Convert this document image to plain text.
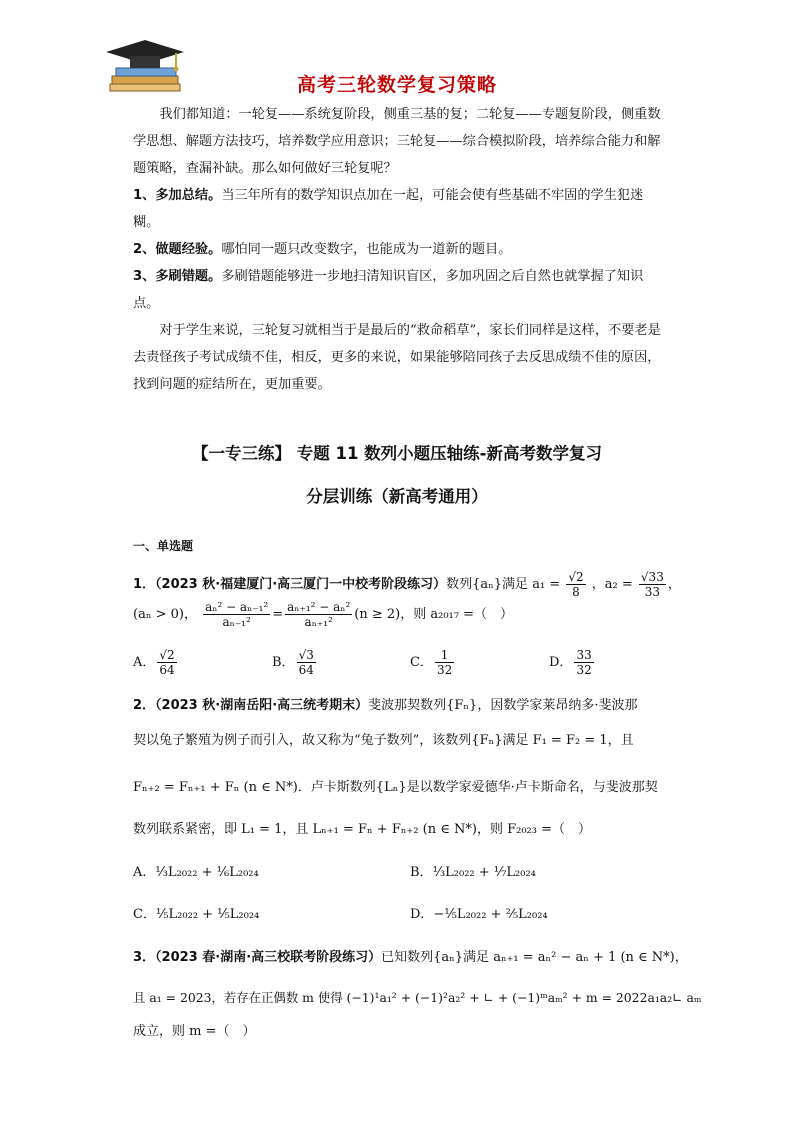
高考三轮数学复习策略

我们都知道：一轮复——系统复阶段，侧重三基的复；二轮复——专题复阶段，侧重数学思想、解题方法技巧，培养数学应用意识；三轮复——综合模拟阶段，培养综合能力和解题策略，查漏补缺。那么如何做好三轮复呢？

1、多加总结。当三年所有的数学知识点加在一起，可能会使有些基础不牢固的学生犯迷糊。

2、做题经验。哪怕同一题只改变数字，也能成为一道新的题目。

3、多刷错题。多刷错题能够进一步地扫清知识盲区，多加巩固之后自然也就掌握了知识点。

对于学生来说，三轮复习就相当于是最后的“救命稻草”，家长们同样是这样，不要老是去责怪孩子考试成绩不佳，相反，更多的来说，如果能够陪同孩子去反思成绩不佳的原因，找到问题的症结所在，更加重要。

【一专三练】 专题 11 数列小题压轴练-新高考数学复习
分层训练（新高考通用）
一、单选题
1．（2023 秋·福建厦门·高三厦门一中校考阶段练习）数列{aₙ}满足 $a_1 = \frac{√2}{8}$ ，$a_2 = \frac{√33}{33}$ ，
(aₙ > 0)， $\frac{\text{aₙ² − aₙ₋₁²}}{\text{aₙ₋₁²}} = \frac{\text{aₙ₊₁² − aₙ²}}{\text{aₙ₊₁²}} (n \ge 2)$，则 a₂₀₁₇ =（　）
A． $\frac{√2}{64}$	B． $\frac{√3}{64}$	C． $\frac{1}{32}$	D． $\frac{33}{32}$
2．（2023 秋·湖南岳阳·高三统考期末）斐波那契数列{Fₙ}，因数学家莱昂纳多·斐波那
契以兔子繁殖为例子而引入，故又称为“兔子数列”，该数列{Fₙ}满足 F₁ = F₂ = 1，且
Fₙ₊₂ = Fₙ₊₁ + Fₙ (n ∈ N*)．卢卡斯数列{Lₙ}是以数学家爱德华·卢卡斯命名，与斐波那契
数列联系紧密，即 L₁ = 1，且 Lₙ₊₁ = Fₙ + Fₙ₊₂ (n ∈ N*)，则 F₂₀₂₃ =（　）
A．⅓L₂₀₂₂ + ⅙L₂₀₂₄	B．⅓L₂₀₂₂ + ⅐L₂₀₂₄
C．⅕L₂₀₂₂ + ⅕L₂₀₂₄	D．−⅕L₂₀₂₂ + ⅖L₂₀₂₄
3．（2023 春·湖南·高三校联考阶段练习）已知数列{aₙ}满足 aₙ₊₁ = aₙ² − aₙ + 1 (n ∈ N*)，
且 a₁ = 2023，若存在正偶数 m 使得 (−1)¹a₁² + (−1)²a₂² + ∟ + (−1)ᵐaₘ² + m = 2022a₁a₂∟ aₘ
成立，则 m =（　）
